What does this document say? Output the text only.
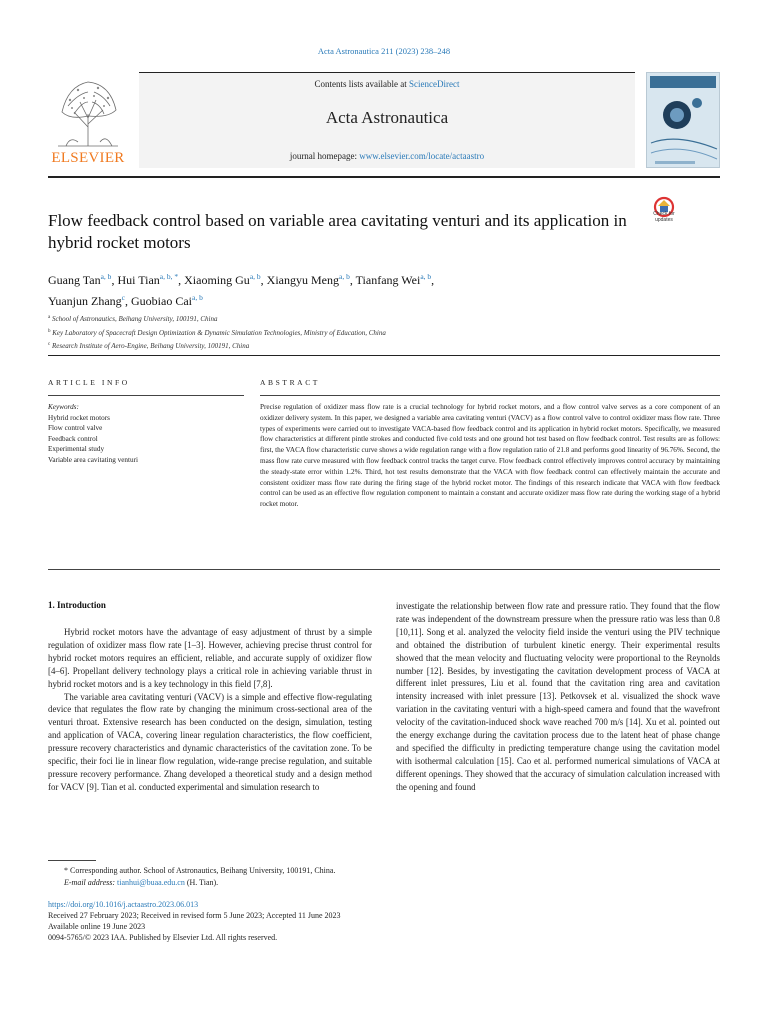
Acta Astronautica 211 (2023) 238–248
Contents lists available at ScienceDirect
Acta Astronautica
journal homepage: www.elsevier.com/locate/actaastro
ELSEVIER
Flow feedback control based on variable area cavitating venturi and its application in hybrid rocket motors
Check for updates
Guang Tan$^{a, b}$, Hui Tian$^{a, b, *}$, Xiaoming Gu$^{a, b}$, Xiangyu Meng$^{a, b}$, Tianfang Wei$^{a, b}$,
Yuanjun Zhang$^c$, Guobiao Cai$^{a, b}$
$^a$ School of Astronautics, Beihang University, 100191, China
$^b$ Key Laboratory of Spacecraft Design Optimization & Dynamic Simulation Technologies, Ministry of Education, China
$^c$ Research Institute of Aero-Engine, Beihang University, 100191, China
ARTICLE INFO	ABSTRACT
Keywords:
Hybrid rocket motors
Flow control valve
Feedback control
Experimental study
Variable area cavitating venturi
Precise regulation of oxidizer mass flow rate is a crucial technology for hybrid rocket motors, and a flow control valve serves as a core component of an oxidizer delivery system. In this paper, we designed a variable area cavitating venturi (VACV) as a flow control valve to control oxidizer mass flow rate. Three types of experiments were carried out to investigate VACA-based flow feedback control and its application in hybrid rocket motors. Specifically, we measured flow characteristics at different pintle strokes and conducted five cold tests and one ground hot test based on flow feedback control. Test results are as follows: first, the VACA flow characteristic curve shows a wide regulation range with a flow regulation ratio of 21.8 and performs good linearity of 96.76%. Second, the mass flow rate curve measured with flow feedback control tracks the target curve. Flow feedback control effectively improves control accuracy by maintaining the steady-state error within 1.2%. Third, hot test results demonstrate that the VACA with flow feedback control can effectively maintain the accurate and consistent oxidizer mass flow rate during the firing stage of the hybrid rocket motor. The findings of this research indicate that VACA with flow feedback control can be used as an effective flow regulation component to maintain a constant and accurate oxidizer mass flow rate during the working stage of a hybrid rocket motor.
1. Introduction

Hybrid rocket motors have the advantage of easy adjustment of thrust by a simple regulation of oxidizer mass flow rate [1–3]. However, achieving precise thrust control for hybrid rocket motors requires an efficient, reliable, and accurate supply of oxidizer flow [4–6]. Propellant delivery technology plays a critical role in achieving variable thrust in hybrid rocket motors and is a key technology in this field [7,8].

The variable area cavitating venturi (VACV) is a simple and effective flow-regulating device that regulates the flow rate by changing the minimum cross-sectional area of the venturi throat. Extensive research has been conducted on the design, simulation, testing and application of VACA, covering linear regulation characteristics, the flow coefficient, pressure recovery characteristics and dynamic characteristics of the cavitation zone. To be specific, their foci lie in linear flow regulation, wide-range precise regulation, and suitable pressure recovery performance. Zhang developed a theoretical study and a design method for VACV [9]. Tian et al. conducted experimental and simulation research to

investigate the relationship between flow rate and pressure ratio. They found that the flow rate was independent of the downstream pressure when the pressure ratio was less than 0.8 [10,11]. Song et al. analyzed the velocity field inside the venturi using the PIV technique and obtained the distribution of turbulent kinetic energy. Their experimental results showed that the mean velocity and fluctuating velocity were proportional to the Reynolds number [12]. Besides, by investigating the cavitation development process of VACA at different inlet pressures, Liu et al. found that the cavitation ring area and cavitation intensity increased with inlet pressure [13]. Petkovsek et al. visualized the shock wave variation in the cavitating venturi with a high-speed camera and found that the wavefront velocity of the cavitation-induced shock wave reached 700 m/s [14]. Xu et al. pointed out the energy exchange during the cavitation process due to the latent heat of phase change and specified the difficulty in predicting temperature change using the cavitation model with isothermal calculation [15]. Cao et al. performed numerical simulations of VACA at different openings. They showed that the accuracy of simulation calculation increased with the opening and found

* Corresponding author. School of Astronautics, Beihang University, 100191, China.
E-mail address: tianhui@buaa.edu.cn (H. Tian).
https://doi.org/10.1016/j.actaastro.2023.06.013
Received 27 February 2023; Received in revised form 5 June 2023; Accepted 11 June 2023
Available online 19 June 2023
0094-5765/© 2023 IAA. Published by Elsevier Ltd. All rights reserved.
